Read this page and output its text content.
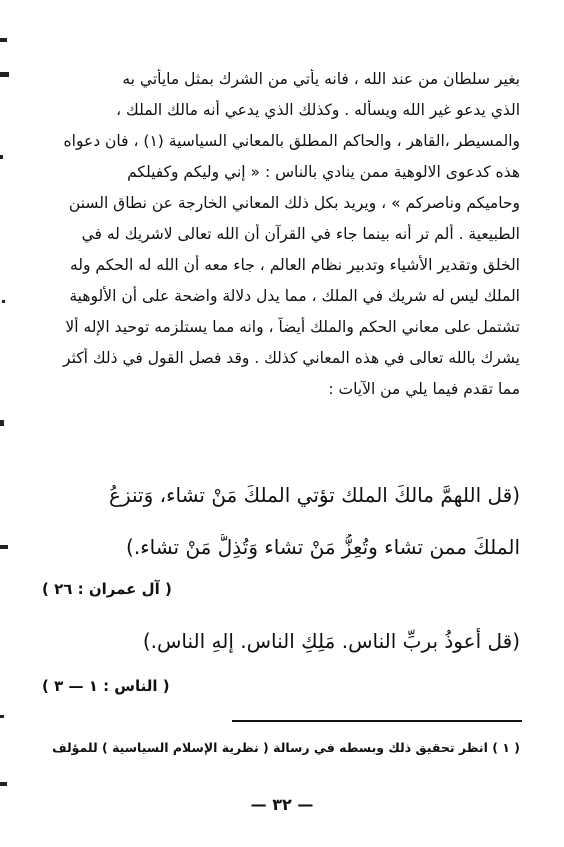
بغير سلطان من عند الله ، فانه يأتي من الشرك بمثل مايأتي به
الذي يدعو غير الله ويسأله . وكذلك الذي يدعي أنه مالك الملك ،
والمسيطر ،القاهر ، والحاكم المطلق بالمعاني السياسية (١) ، فان دعواه
هذه كدعوى الالوهية ممن ينادي بالناس : « إني وليكم وكفيلكم
وحاميكم وناصركم » ، ويريد بكل ذلك المعاني الخارجة عن نطاق السنن
الطبيعية . ألم تر أنه بينما جاء في القرآن أن الله تعالى لاشريك له في
الخلق وتقدير الأشياء وتدبير نظام العالم ، جاء معه أن الله له الحكم وله
الملك ليس له شريك في الملك ، مما يدل دلالة واضحة على أن الألوهية
تشتمل على معاني الحكم والملك أيضاً ، وانه مما يستلزمه توحيد الإله ألا
يشرك بالله تعالى في هذه المعاني كذلك . وقد فصل القول في ذلك أكثر
مما تقدم فيما يلي من الآيات :
(قل اللهمَّ مالكَ الملك تؤتي الملكَ مَنْ تشاء، وَتنزعُ
الملكَ ممن تشاء وتُعِزُّ مَنْ تشاء وَتُذِلُّ مَنْ تشاء.)
( آل عمران : ٢٦ )
(قل أعوذُ بربِّ الناس. مَلِكِ الناس. إلهِ الناس.)
( الناس : ١ — ٣ )
( ١ ) انظر تحقيق ذلك وبسطه في رسالة ( نظرية الإسلام السياسية ) للمؤلف
— ٣٢ —
